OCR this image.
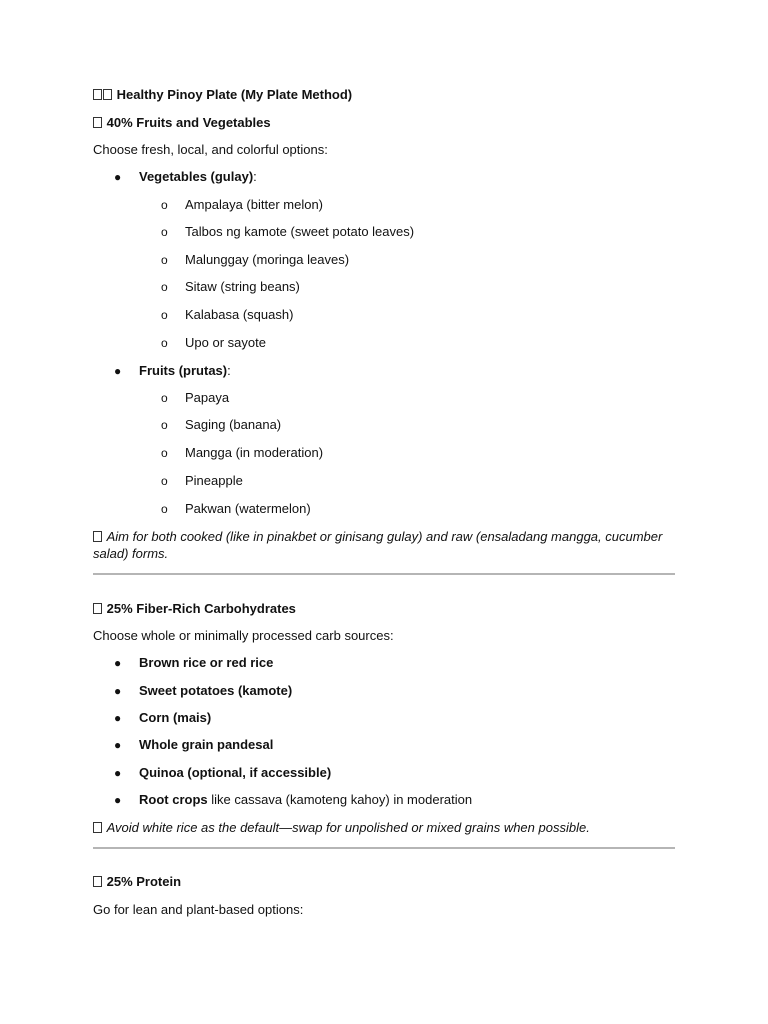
Healthy Pinoy Plate (My Plate Method)
40% Fruits and Vegetables
Choose fresh, local, and colorful options:
● Vegetables (gulay):
o Ampalaya (bitter melon)
o Talbos ng kamote (sweet potato leaves)
o Malunggay (moringa leaves)
o Sitaw (string beans)
o Kalabasa (squash)
o Upo or sayote
● Fruits (prutas):
o Papaya
o Saging (banana)
o Mangga (in moderation)
o Pineapple
o Pakwan (watermelon)
Aim for both cooked (like in pinakbet or ginisang gulay) and raw (ensaladang mangga, cucumber salad) forms.
25% Fiber-Rich Carbohydrates
Choose whole or minimally processed carb sources:
● Brown rice or red rice
● Sweet potatoes (kamote)
● Corn (mais)
● Whole grain pandesal
● Quinoa (optional, if accessible)
● Root crops like cassava (kamoteng kahoy) in moderation
Avoid white rice as the default—swap for unpolished or mixed grains when possible.
25% Protein
Go for lean and plant-based options:
